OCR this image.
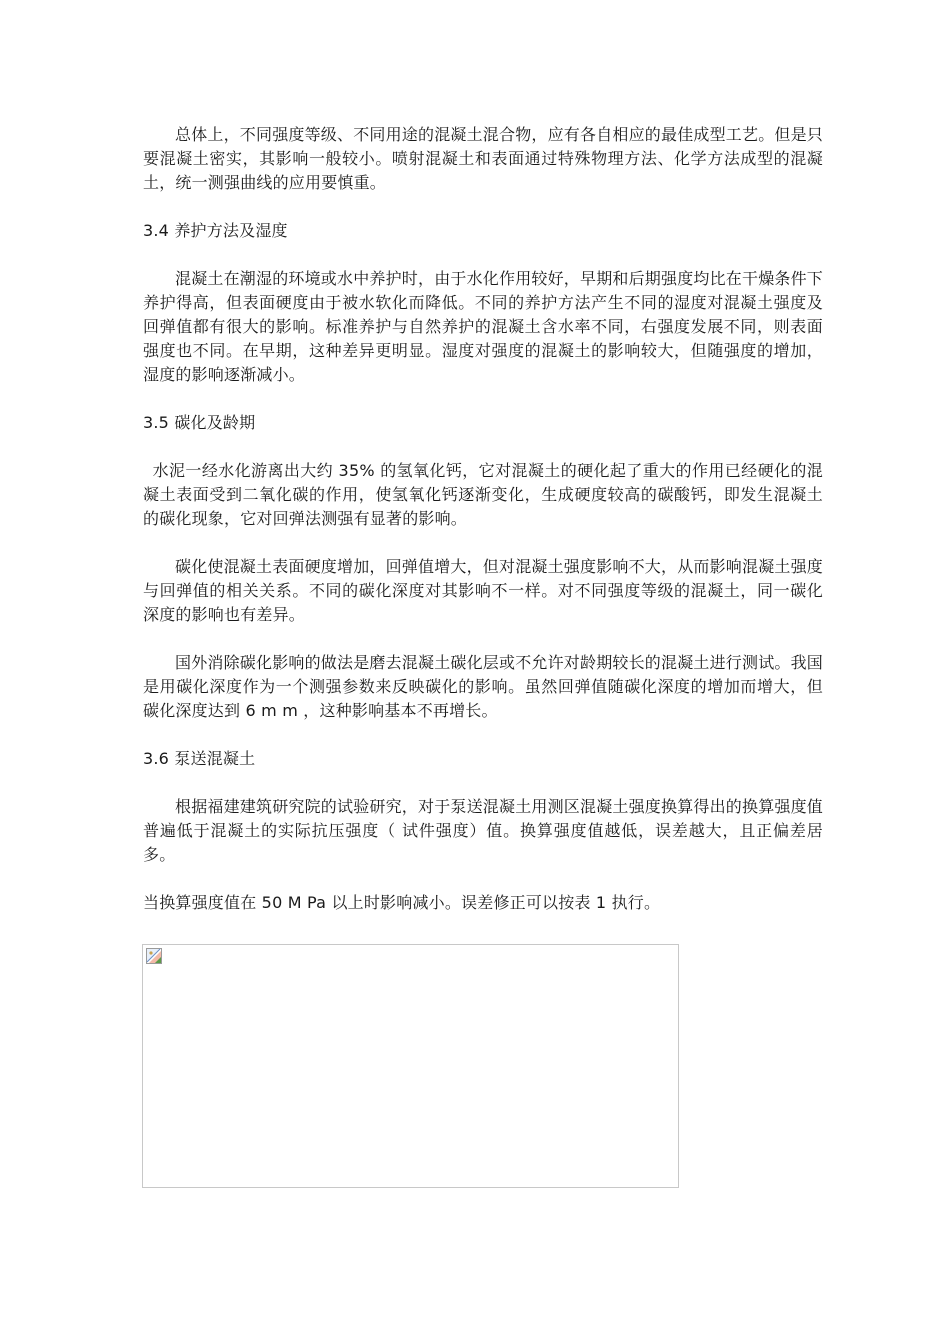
总体上，不同强度等级、不同用途的混凝土混合物，应有各自相应的最佳成型工艺。但是只要混凝土密实，其影响一般较小。喷射混凝土和表面通过特殊物理方法、化学方法成型的混凝土，统一测强曲线的应用要慎重。

3.4 养护方法及湿度

混凝土在潮湿的环境或水中养护时，由于水化作用较好，早期和后期强度均比在干燥条件下养护得高，但表面硬度由于被水软化而降低。不同的养护方法产生不同的湿度对混凝土强度及回弹值都有很大的影响。标准养护与自然养护的混凝土含水率不同，右强度发展不同，则表面强度也不同。在早期，这种差异更明显。湿度对强度的混凝土的影响较大，但随强度的增加，湿度的影响逐渐减小。

3.5 碳化及龄期

水泥一经水化游离出大约 35% 的氢氧化钙，它对混凝土的硬化起了重大的作用已经硬化的混凝土表面受到二氧化碳的作用，使氢氧化钙逐渐变化，生成硬度较高的碳酸钙，即发生混凝土的碳化现象，它对回弹法测强有显著的影响。

碳化使混凝土表面硬度增加，回弹值增大，但对混凝土强度影响不大，从而影响混凝土强度与回弹值的相关关系。不同的碳化深度对其影响不一样。对不同强度等级的混凝土，同一碳化深度的影响也有差异。

国外消除碳化影响的做法是磨去混凝土碳化层或不允许对龄期较长的混凝土进行测试。我国是用碳化深度作为一个测强参数来反映碳化的影响。虽然回弹值随碳化深度的增加而增大，但碳化深度达到 6 m m ，这种影响基本不再增长。

3.6 泵送混凝土

根据福建建筑研究院的试验研究，对于泵送混凝土用测区混凝土强度换算得出的换算强度值普遍低于混凝土的实际抗压强度（ 试件强度）值。换算强度值越低，误差越大，且正偏差居多。

当换算强度值在 50 M Pa 以上时影响减小。误差修正可以按表 1 执行。
